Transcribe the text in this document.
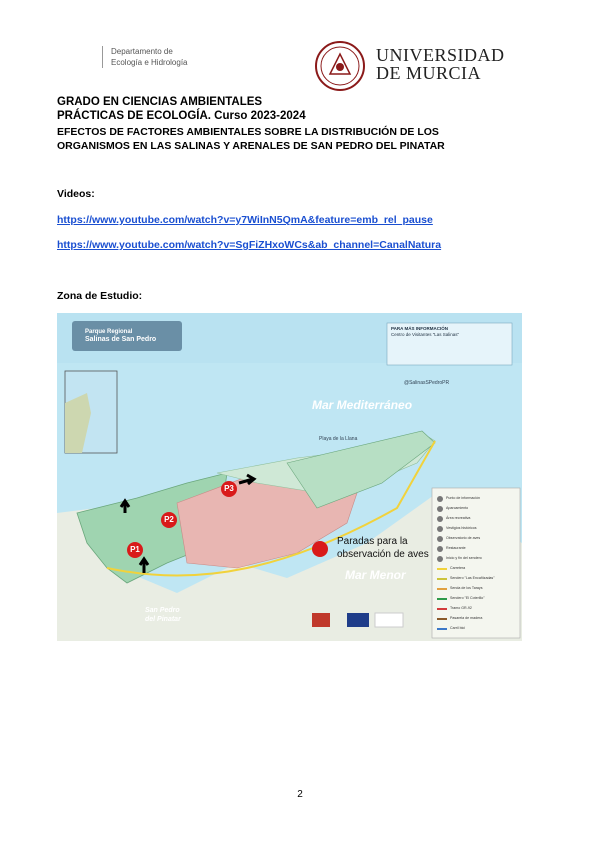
Departamento de
Ecología e Hidrología	UNIVERSIDAD
DE MURCIA
GRADO EN CIENCIAS AMBIENTALES
PRÁCTICAS DE ECOLOGÍA. Curso 2023-2024
EFECTOS DE FACTORES AMBIENTALES SOBRE LA DISTRIBUCIÓN DE LOS
ORGANISMOS EN LAS SALINAS Y ARENALES DE SAN PEDRO DEL PINATAR
Videos:
https://www.youtube.com/watch?v=y7WiInN5QmA&feature=emb_rel_pause
https://www.youtube.com/watch?v=SgFiZHxoWCs&ab_channel=CanalNatura
Zona de Estudio:
Parque Regional
Salinas de San Pedro
PARA MÁS INFORMACIÓN
Centro de Visitantes "Las Salinas"
@SalinasSPedroPR
Mar Mediterráneo
Playa de la Llana
Mar Menor
San Pedro
del Pinatar
P1
P2
P3
Paradas para la
observación de aves
Punto de información
Aparcamiento
Área recreativa
Vestigios históricos
Observatorio de aves
Restaurante
Inicio y fin del sendero
Carretera
Sendero "Las Encañizadas"
Senda de los Tarays
Sendero "El Coterillo"
Tramo GR-92
Pasarela de madera
Carril bici
2
